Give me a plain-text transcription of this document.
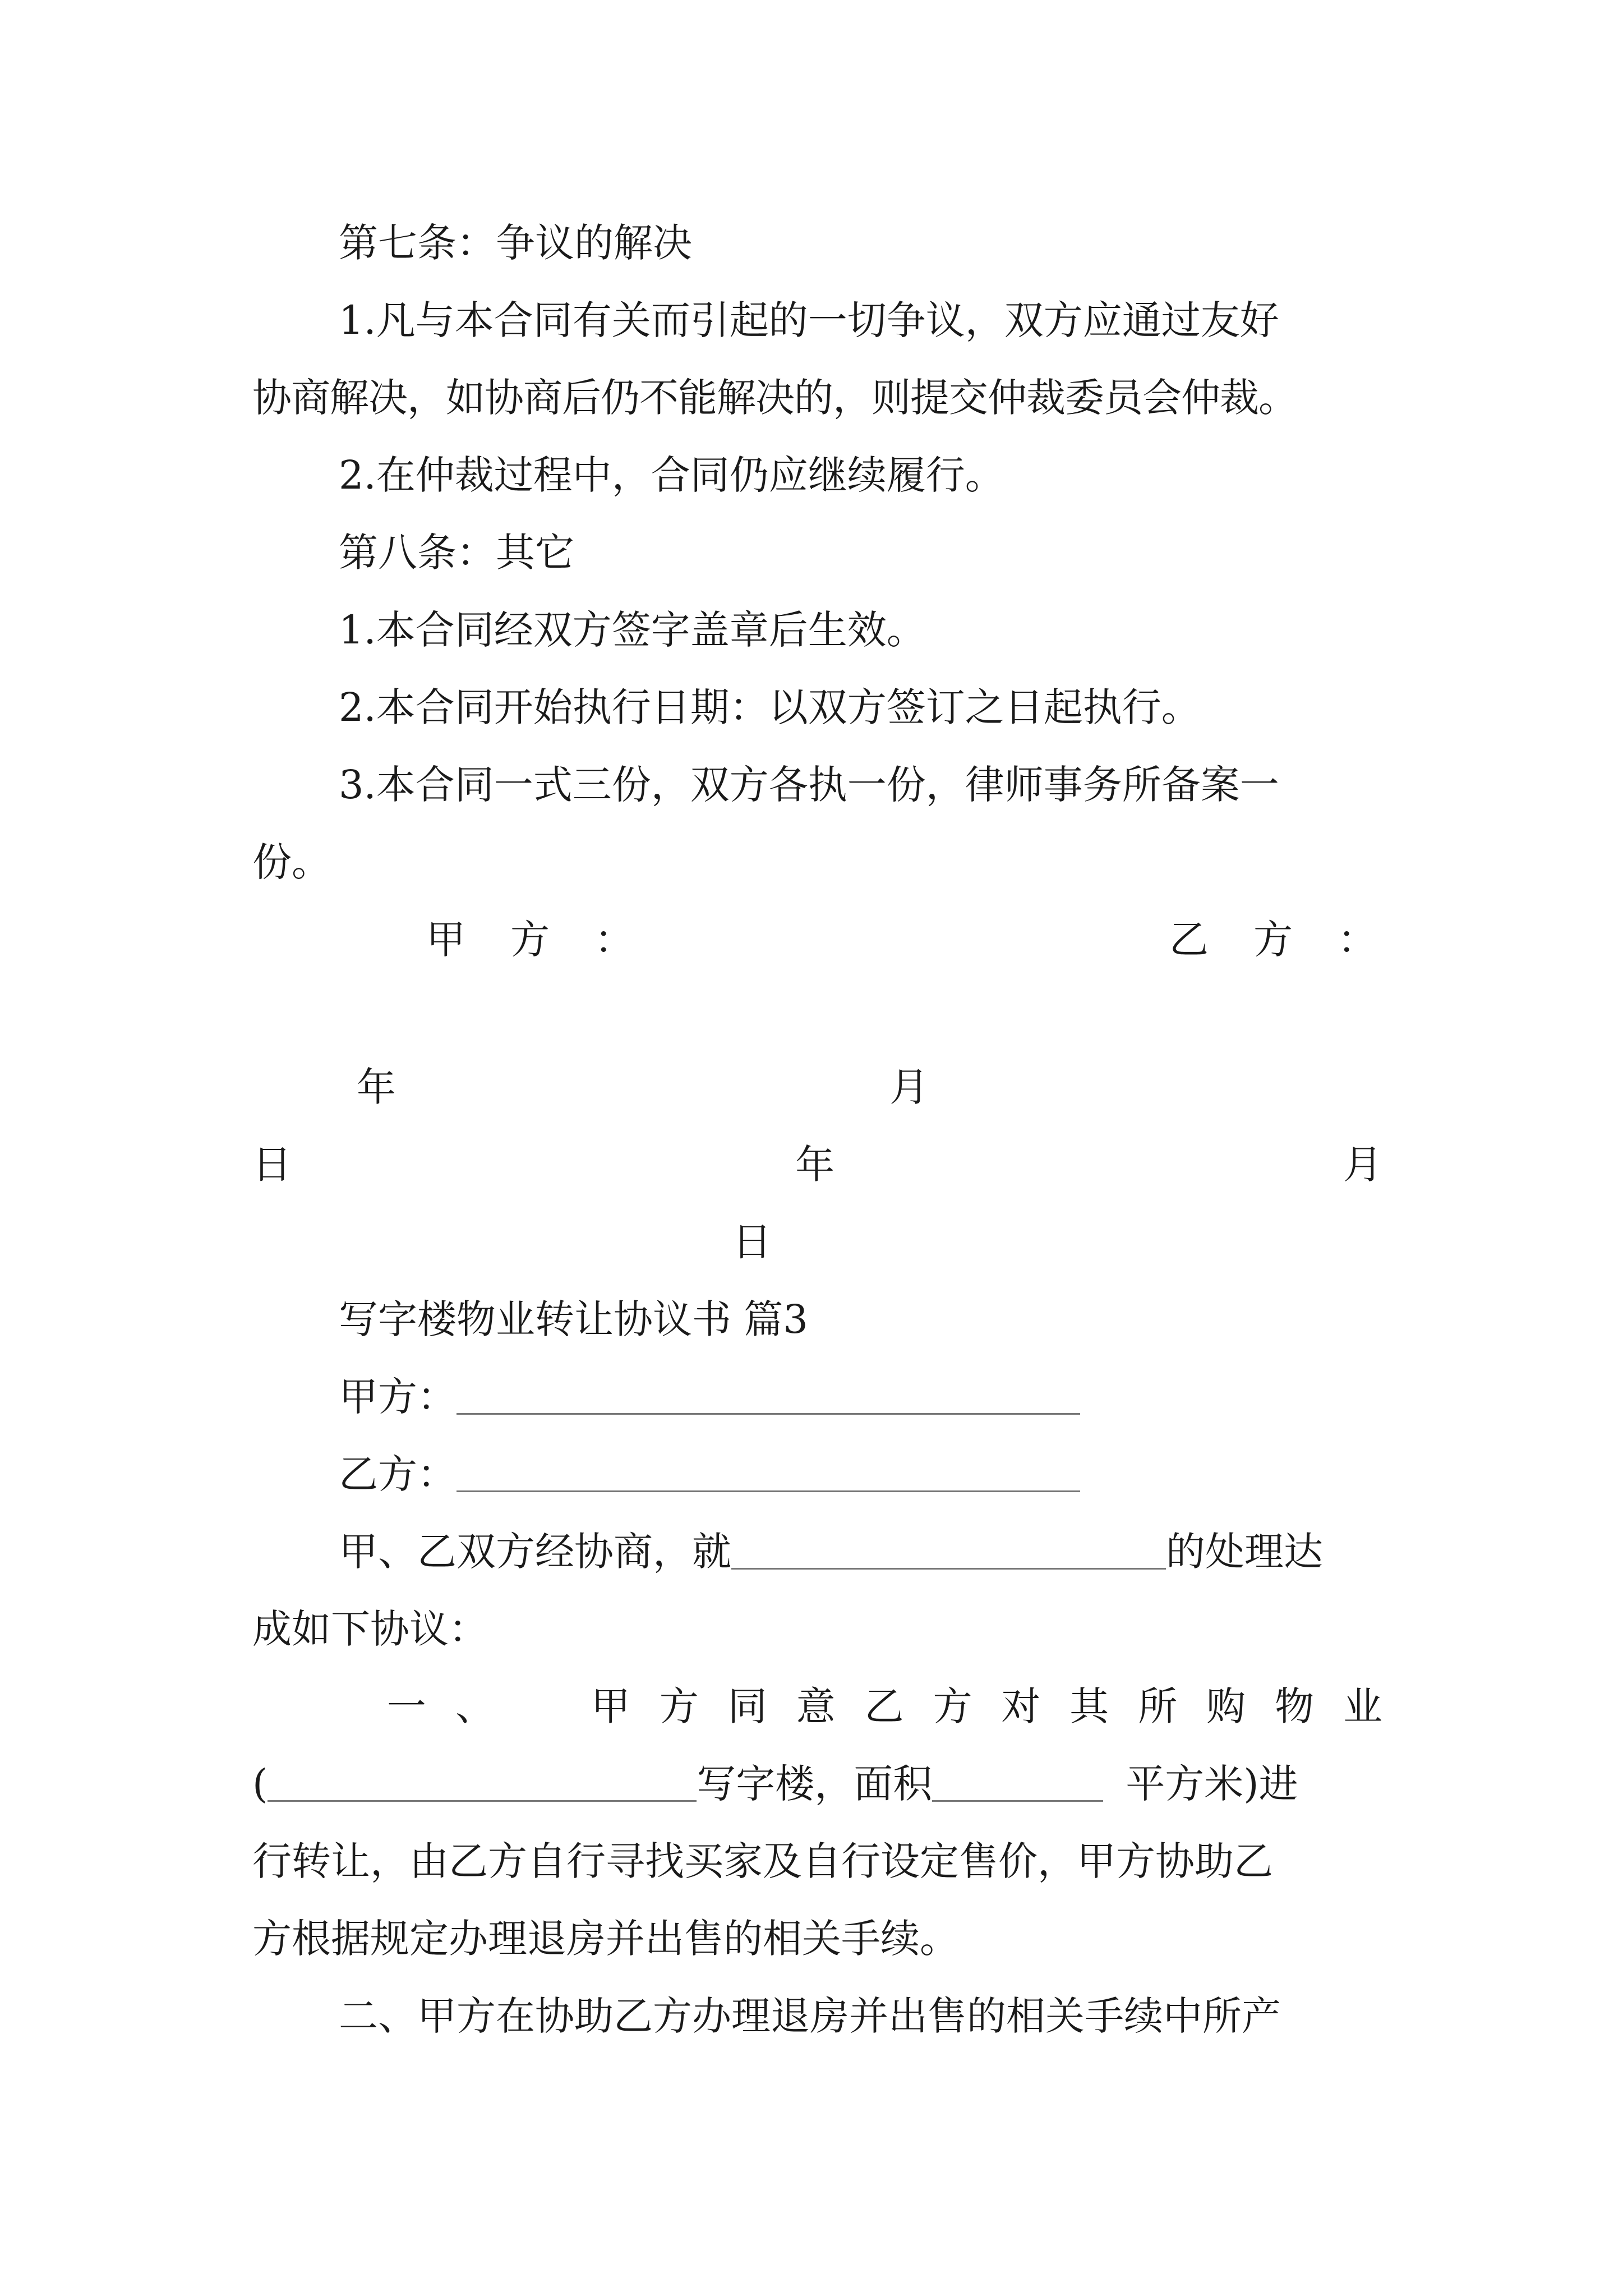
第七条：争议的解决

1.凡与本合同有关而引起的一切争议，双方应通过友好

协商解决，如协商后仍不能解决的，则提交仲裁委员会仲裁。

2.在仲裁过程中，合同仍应继续履行。

第八条：其它

1.本合同经双方签字盖章后生效。

2.本合同开始执行日期：以双方签订之日起执行。

3.本合同一式三份，双方各执一份，律师事务所备案一

份。

甲 方 ：	乙 方 ：

年	月

日	年	月

日

写字楼物业转让协议书 篇3

甲方：

乙方：

甲、乙双方经协商，就	的处理达

成如下协议：

一 、 甲 方 同 意 乙 方 对 其 所 购 物 业

(	写字楼，面积	平方米)进

行转让，由乙方自行寻找买家及自行设定售价，甲方协助乙

方根据规定办理退房并出售的相关手续。

二、甲方在协助乙方办理退房并出售的相关手续中所产
